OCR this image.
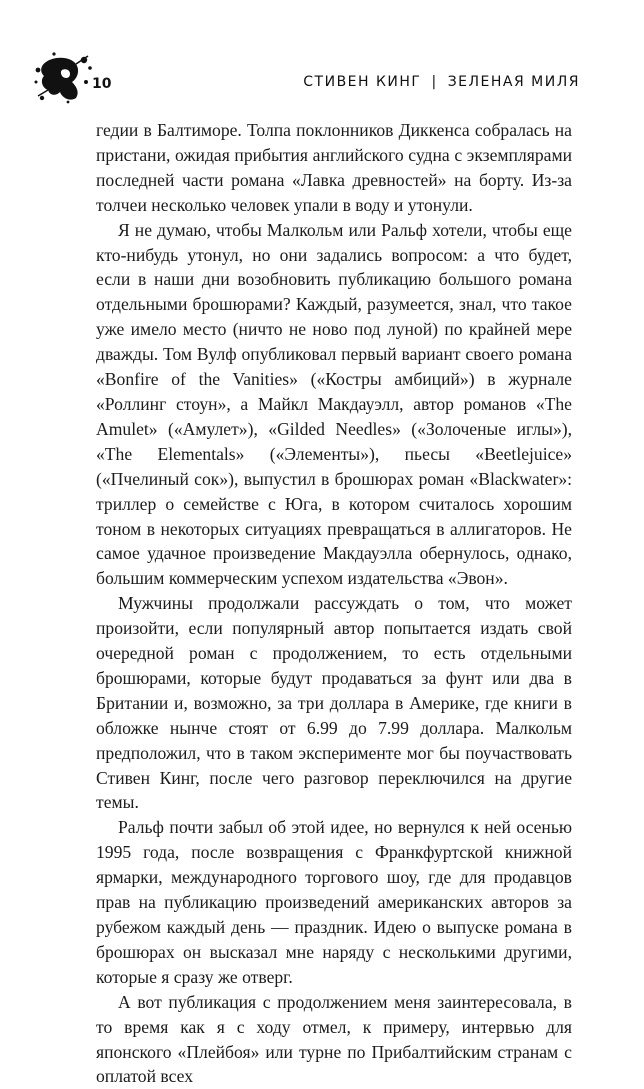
10	СТИВЕН КИНГ | ЗЕЛЕНАЯ МИЛЯ

гедии в Балтиморе. Толпа поклонников Диккенса собралась на пристани, ожидая прибытия английского судна с экземплярами последней части романа «Лавка древностей» на борту. Из-за толчеи несколько человек упали в воду и утонули.

Я не думаю, чтобы Малкольм или Ральф хотели, чтобы еще кто-нибудь утонул, но они задались вопросом: а что будет, если в наши дни возобновить публикацию большого романа отдельными брошюрами? Каждый, разумеется, знал, что такое уже имело место (ничто не ново под луной) по крайней мере дважды. Том Вулф опубликовал первый вариант своего романа «Bonfire of the Vanities» («Костры амбиций») в журнале «Роллинг стоун», а Майкл Макдауэлл, автор романов «The Amulet» («Амулет»), «Gilded Needles» («Золоченые иглы»), «The Elementals» («Элементы»), пьесы «Beetlejuice» («Пчелиный сок»), выпустил в брошюрах роман «Blackwater»: триллер о семействе с Юга, в котором считалось хорошим тоном в некоторых ситуациях превращаться в аллигаторов. Не самое удачное произведение Макдауэлла обернулось, однако, большим коммерческим успехом издательства «Эвон».

Мужчины продолжали рассуждать о том, что может произойти, если популярный автор попытается издать свой очередной роман с продолжением, то есть отдельными брошюрами, которые будут продаваться за фунт или два в Британии и, возможно, за три доллара в Америке, где книги в обложке нынче стоят от 6.99 до 7.99 доллара. Малкольм предположил, что в таком эксперименте мог бы поучаствовать Стивен Кинг, после чего разговор переключился на другие темы.

Ральф почти забыл об этой идее, но вернулся к ней осенью 1995 года, после возвращения с Франкфуртской книжной ярмарки, международного торгового шоу, где для продавцов прав на публикацию произведений американских авторов за рубежом каждый день — праздник. Идею о выпуске романа в брошюрах он высказал мне наряду с несколькими другими, которые я сразу же отверг.

А вот публикация с продолжением меня заинтересовала, в то время как я с ходу отмел, к примеру, интервью для японского «Плейбоя» или турне по Прибалтийским странам с оплатой всех
